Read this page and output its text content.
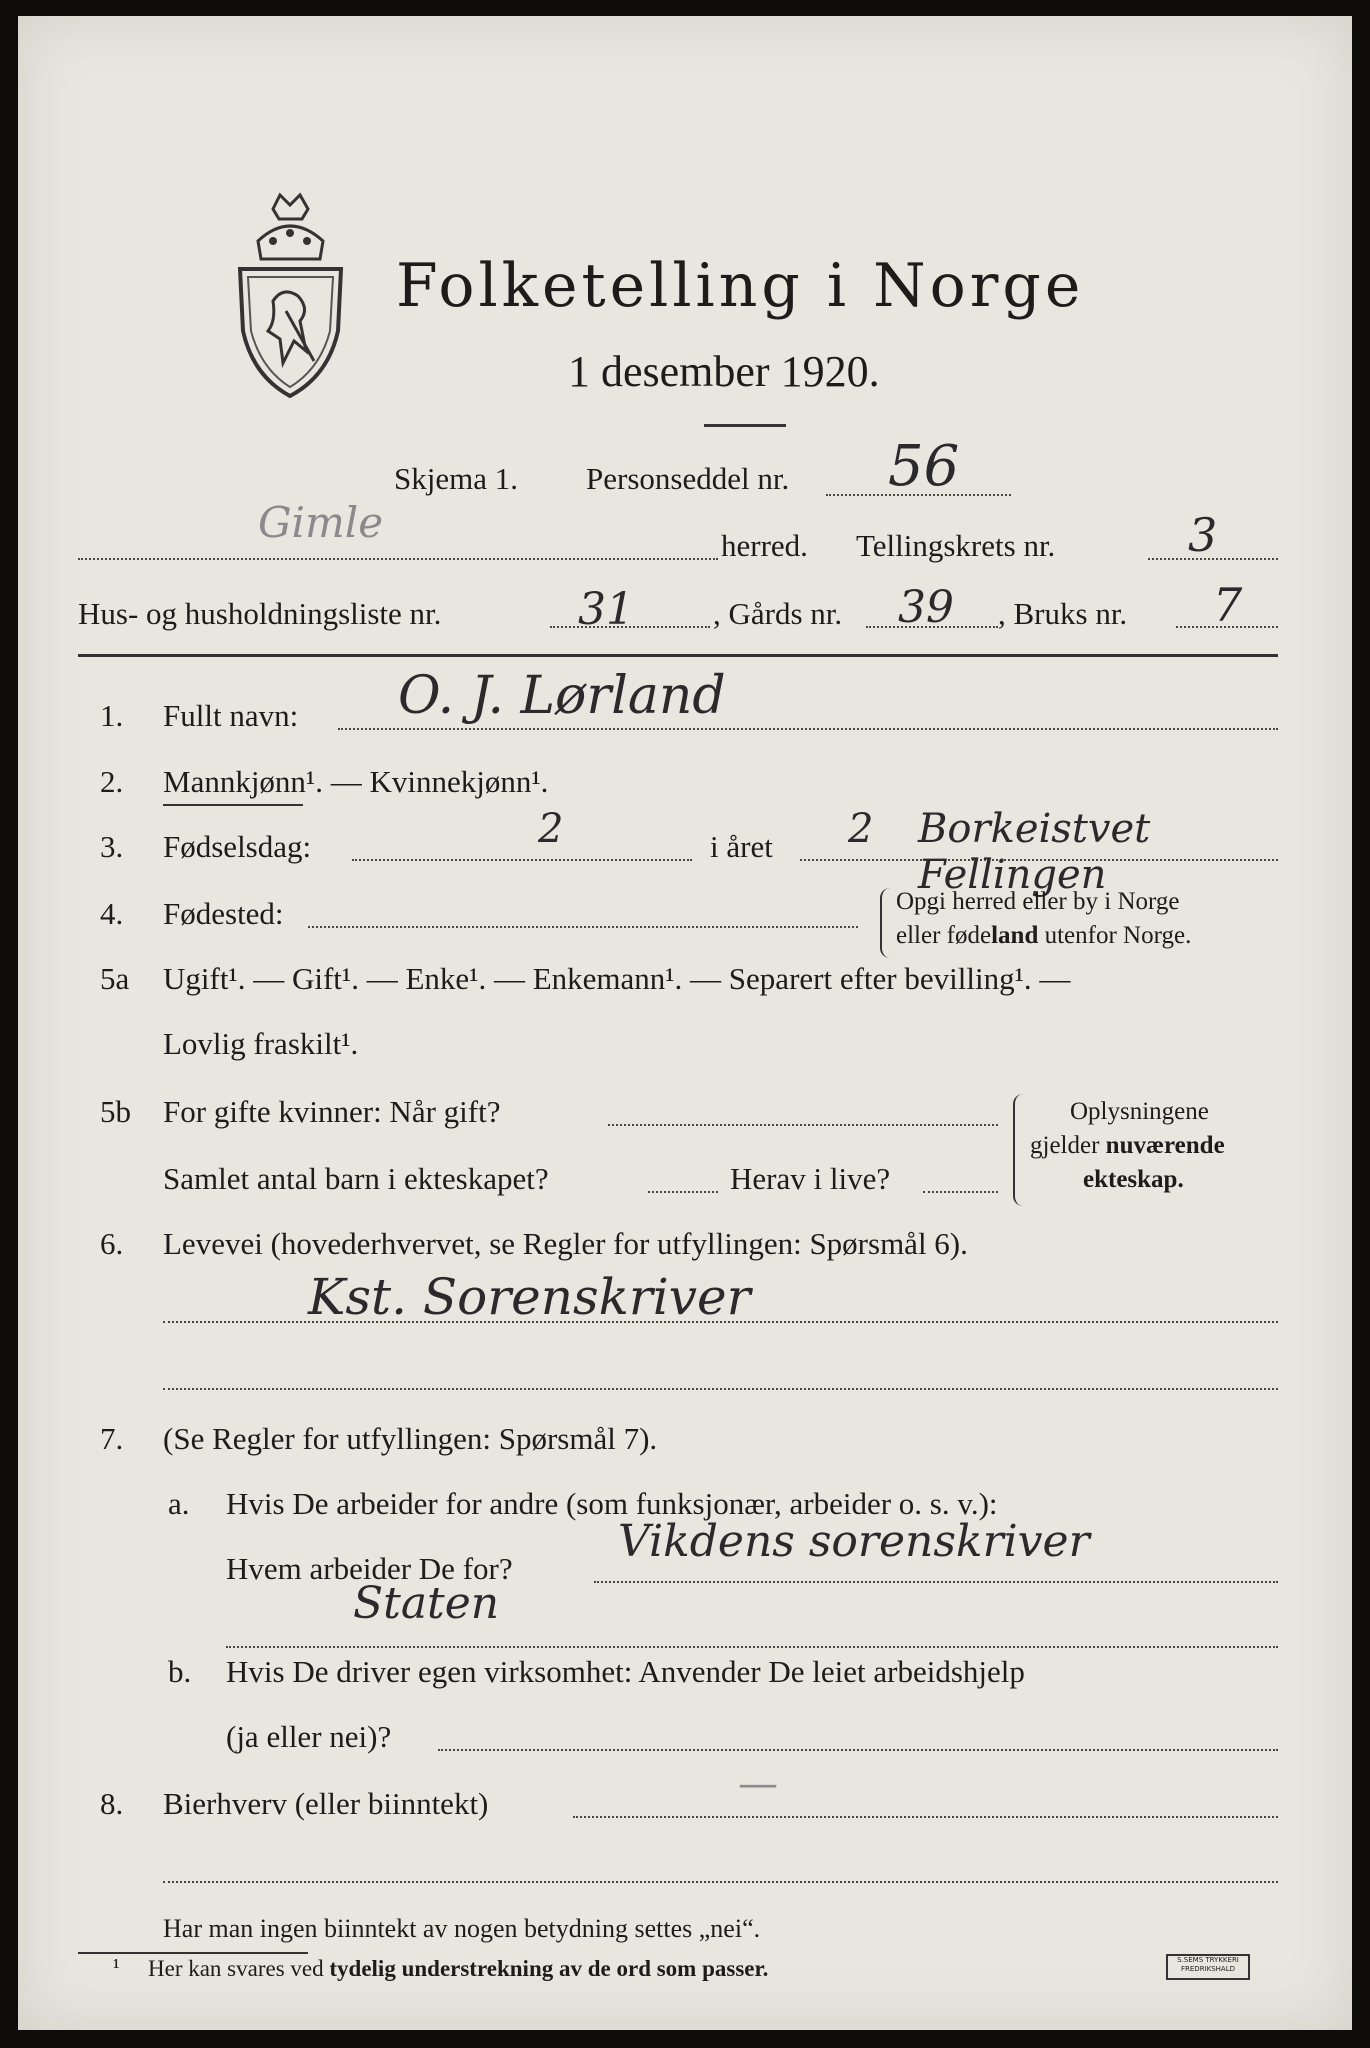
Folketelling i Norge
1 desember 1920.
Skjema 1. Personseddel nr. 56
Gimle	herred. Tellingskrets nr.	3
Hus- og husholdningsliste nr.	31	, Gårds nr. 39 , Bruks nr. 7
1. Fullt navn: O. J. Lørland
2. Mannkjønn¹. — Kvinnekjønn¹.
3. Fødselsdag:	2	i året 2 Borkeistvet
4. Fødested:
Fellingen
Opgi herred eller by i Norge
eller fødeland utenfor Norge.
5a Ugift¹. — Gift¹. — Enke¹. — Enkemann¹. — Separert efter bevilling¹. —
Lovlig fraskilt¹.
5b For gifte kvinner: Når gift?
Samlet antal barn i ekteskapet?	Herav i live?
Oplysningene
gjelder nuværende
ekteskap.
6. Levevei (hovederhvervet, se Regler for utfyllingen: Spørsmål 6).
Kst. Sorenskriver
7. (Se Regler for utfyllingen: Spørsmål 7).
a. Hvis De arbeider for andre (som funksjonær, arbeider o. s. v.):
Hvem arbeider De for?
Vikdens sorenskriver
Staten
b. Hvis De driver egen virksomhet: Anvender De leiet arbeidshjelp
(ja eller nei)?
8. Bierhverv (eller biinntekt)	—
Har man ingen biinntekt av nogen betydning settes „nei“.
¹ Her kan svares ved tydelig understrekning av de ord som passer.	S.SEMS TRYKKERI
FREDRIKSHALD
